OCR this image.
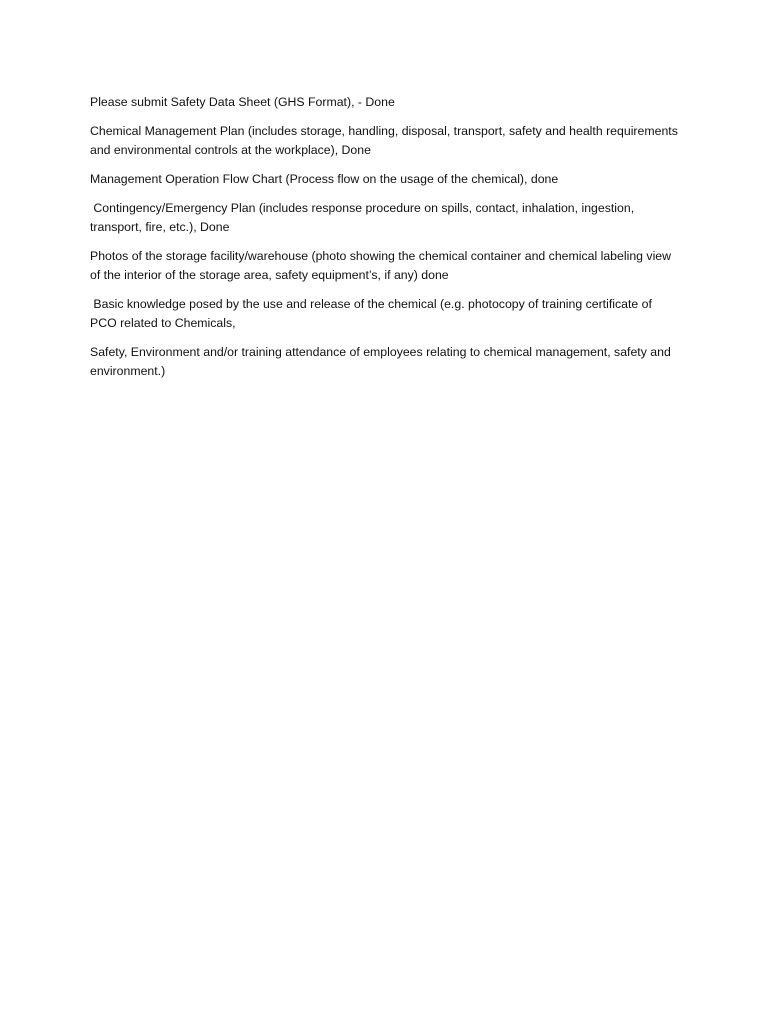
Please submit Safety Data Sheet (GHS Format), - Done

Chemical Management Plan (includes storage, handling, disposal, transport, safety and health requirements and environmental controls at the workplace), Done

Management Operation Flow Chart (Process flow on the usage of the chemical), done

Contingency/Emergency Plan (includes response procedure on spills, contact, inhalation, ingestion, transport, fire, etc.), Done

Photos of the storage facility/warehouse (photo showing the chemical container and chemical labeling view of the interior of the storage area, safety equipment’s, if any) done

Basic knowledge posed by the use and release of the chemical (e.g. photocopy of training certificate of PCO related to Chemicals,

Safety, Environment and/or training attendance of employees relating to chemical management, safety and environment.)
